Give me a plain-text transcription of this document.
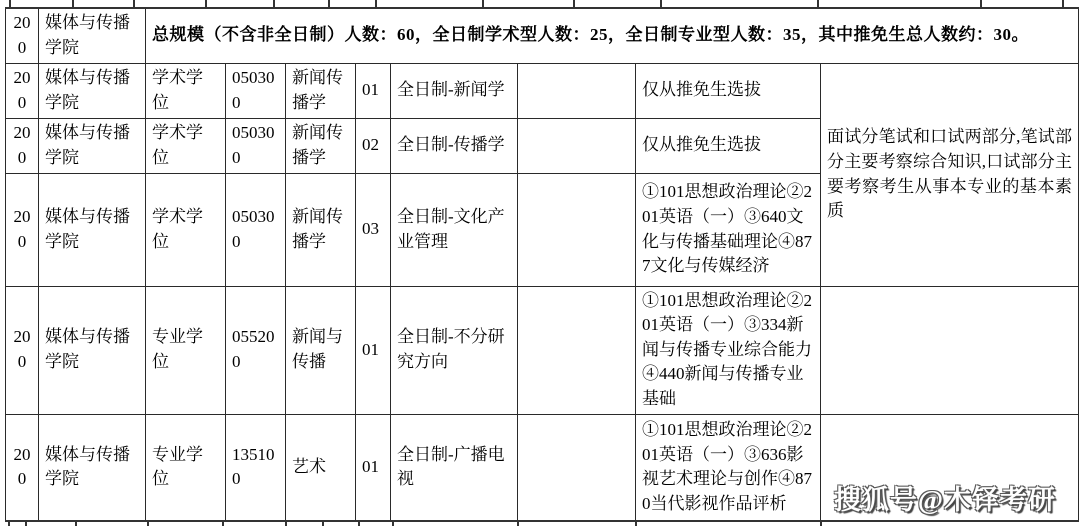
200	媒体与传播学院	总规模（不含非全日制）人数：60，全日制学术型人数：25，全日制专业型人数：35，其中推免生总人数约：30。							
200	媒体与传播学院	学术学位	050300	新闻传播学	01	全日制-新闻学		仅从推免生选拔	面试分笔试和口试两部分,笔试部分主要考察综合知识,口试部分主要考察考生从事本专业的基本素质
200	媒体与传播学院	学术学位	050300	新闻传播学	02	全日制-传播学		仅从推免生选拔	
200	媒体与传播学院	学术学位	050300	新闻传播学	03	全日制-文化产业管理		①101思想政治理论②201英语（一）③640文化与传播基础理论④877文化与传媒经济	
200	媒体与传播学院	专业学位	055200	新闻与传播	01	全日制-不分研究方向		①101思想政治理论②201英语（一）③334新闻与传播专业综合能力④440新闻与传播专业基础	
200	媒体与传播学院	专业学位	135100	艺术	01	全日制-广播电视		①101思想政治理论②201英语（一）③636影视艺术理论与创作④870当代影视作品评析	搜狐号@木铎考研
